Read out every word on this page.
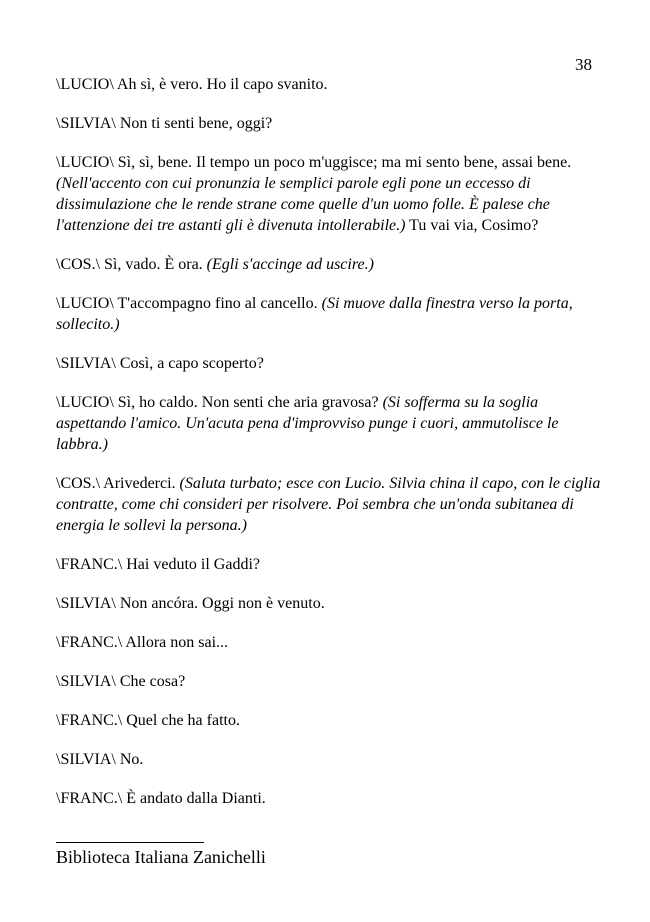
38

\LUCIO\ Ah sì, è vero. Ho il capo svanito.

\SILVIA\ Non ti senti bene, oggi?

\LUCIO\ Sì, sì, bene. Il tempo un poco m'uggisce; ma mi sento bene, assai bene. (Nell'accento con cui pronunzia le semplici parole egli pone un eccesso di dissimulazione che le rende strane come quelle d'un uomo folle. È palese che l'attenzione dei tre astanti gli è divenuta intollerabile.) Tu vai via, Cosimo?

\COS.\ Sì, vado. È ora. (Egli s'accinge ad uscire.)

\LUCIO\ T'accompagno fino al cancello. (Si muove dalla finestra verso la porta, sollecito.)

\SILVIA\ Così, a capo scoperto?

\LUCIO\ Sì, ho caldo. Non senti che aria gravosa? (Si sofferma su la soglia aspettando l'amico. Un'acuta pena d'improvviso punge i cuori, ammutolisce le labbra.)

\COS.\ Arivederci. (Saluta turbato; esce con Lucio. Silvia china il capo, con le ciglia contratte, come chi consideri per risolvere. Poi sembra che un'onda subitanea di energia le sollevi la persona.)

\FRANC.\ Hai veduto il Gaddi?

\SILVIA\ Non ancóra. Oggi non è venuto.

\FRANC.\ Allora non sai...

\SILVIA\ Che cosa?

\FRANC.\ Quel che ha fatto.

\SILVIA\ No.

\FRANC.\ È andato dalla Dianti.

Biblioteca Italiana Zanichelli
